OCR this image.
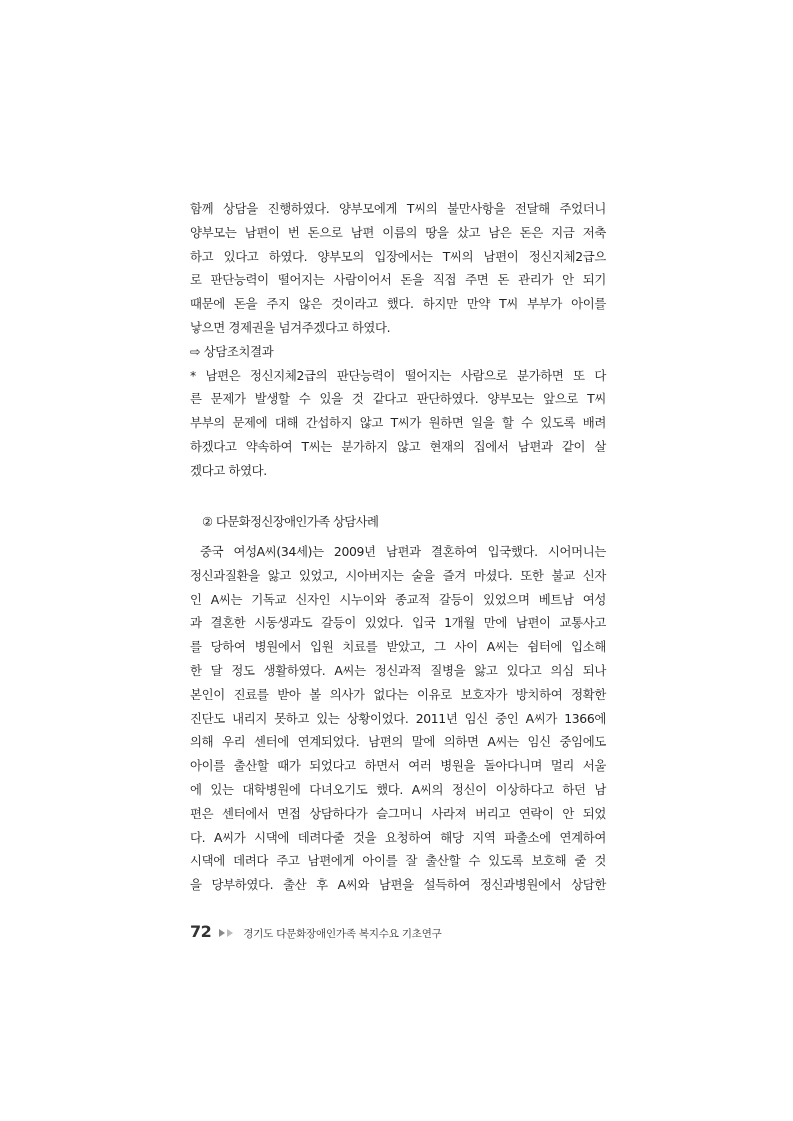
함께 상담을 진행하였다. 양부모에게 T씨의 불만사항을 전달해 주었더니
양부모는 남편이 번 돈으로 남편 이름의 땅을 샀고 남은 돈은 지금 저축
하고 있다고 하였다. 양부모의 입장에서는 T씨의 남편이 정신지체2급으
로 판단능력이 떨어지는 사람이어서 돈을 직접 주면 돈 관리가 안 되기
때문에 돈을 주지 않은 것이라고 했다. 하지만 만약 T씨 부부가 아이를
낳으면 경제권을 넘겨주겠다고 하였다.
⇨ 상담조치결과
* 남편은 정신지체2급의 판단능력이 떨어지는 사람으로 분가하면 또 다
른 문제가 발생할 수 있을 것 같다고 판단하였다. 양부모는 앞으로 T씨
부부의 문제에 대해 간섭하지 않고 T씨가 원하면 일을 할 수 있도록 배려
하겠다고 약속하여 T씨는 분가하지 않고 현재의 집에서 남편과 같이 살
겠다고 하였다.
② 다문화정신장애인가족 상담사례
중국 여성A씨(34세)는 2009년 남편과 결혼하여 입국했다. 시어머니는
정신과질환을 앓고 있었고, 시아버지는 술을 즐겨 마셨다. 또한 불교 신자
인 A씨는 기독교 신자인 시누이와 종교적 갈등이 있었으며 베트남 여성
과 결혼한 시동생과도 갈등이 있었다. 입국 1개월 만에 남편이 교통사고
를 당하여 병원에서 입원 치료를 받았고, 그 사이 A씨는 쉼터에 입소해
한 달 정도 생활하였다. A씨는 정신과적 질병을 앓고 있다고 의심 되나
본인이 진료를 받아 볼 의사가 없다는 이유로 보호자가 방치하여 정확한
진단도 내리지 못하고 있는 상황이었다. 2011년 임신 중인 A씨가 1366에
의해 우리 센터에 연계되었다. 남편의 말에 의하면 A씨는 임신 중임에도
아이를 출산할 때가 되었다고 하면서 여러 병원을 돌아다니며 멀리 서울
에 있는 대학병원에 다녀오기도 했다. A씨의 정신이 이상하다고 하던 남
편은 센터에서 면접 상담하다가 슬그머니 사라져 버리고 연락이 안 되었
다. A씨가 시댁에 데려다줄 것을 요청하여 해당 지역 파출소에 연계하여
시댁에 데려다 주고 남편에게 아이를 잘 출산할 수 있도록 보호해 줄 것
을 당부하였다. 출산 후 A씨와 남편을 설득하여 정신과병원에서 상담한
72	경기도 다문화장애인가족 복지수요 기초연구
